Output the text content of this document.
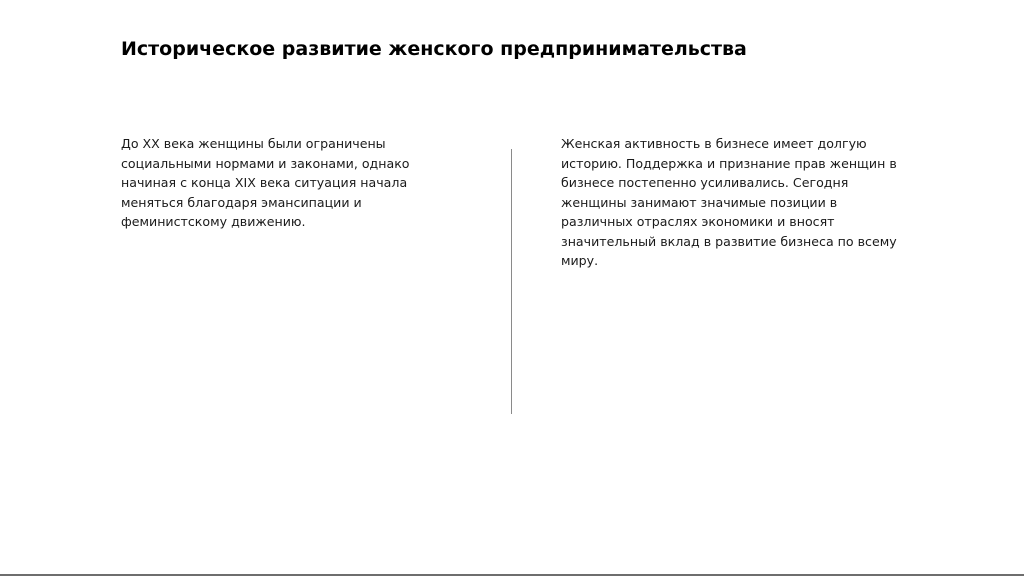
Историческое развитие женского предпринимательства

До XX века женщины были ограничены социальными нормами и законами, однако начиная с конца XIX века ситуация начала меняться благодаря эмансипации и феминистскому движению.

Женская активность в бизнесе имеет долгую историю. Поддержка и признание прав женщин в бизнесе постепенно усиливались. Сегодня женщины занимают значимые позиции в различных отраслях экономики и вносят значительный вклад в развитие бизнеса по всему миру.
